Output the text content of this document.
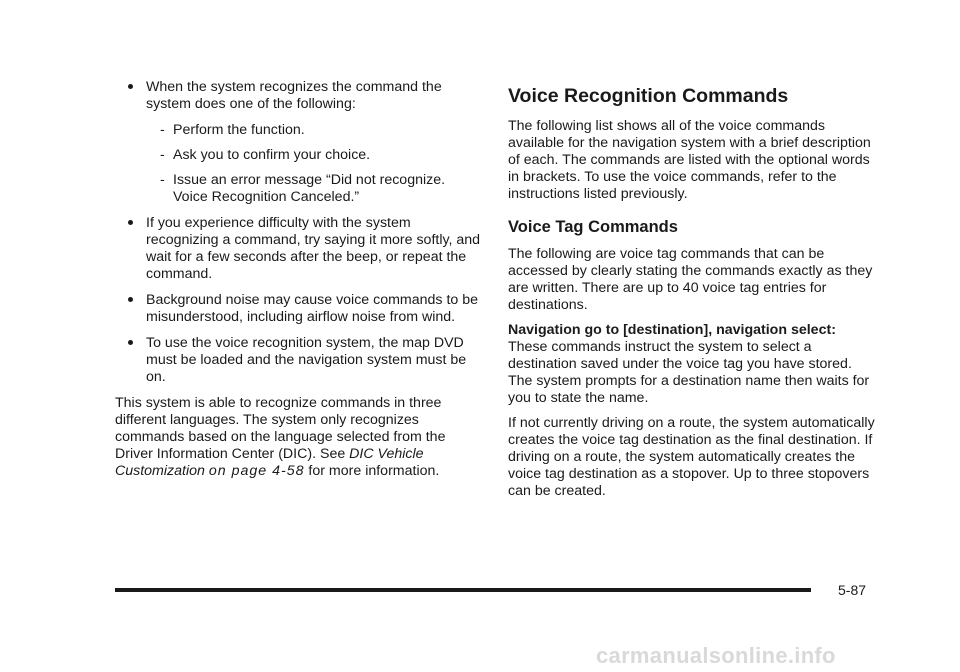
When the system recognizes the command the system does one of the following:
- Perform the function.
- Ask you to confirm your choice.
- Issue an error message “Did not recognize. Voice Recognition Canceled.”
If you experience difficulty with the system recognizing a command, try saying it more softly, and wait for a few seconds after the beep, or repeat the command.
Background noise may cause voice commands to be misunderstood, including airflow noise from wind.
To use the voice recognition system, the map DVD must be loaded and the navigation system must be on.

This system is able to recognize commands in three different languages. The system only recognizes commands based on the language selected from the Driver Information Center (DIC). See DIC Vehicle Customization on page 4-58 for more information.

Voice Recognition Commands

The following list shows all of the voice commands available for the navigation system with a brief description of each. The commands are listed with the optional words in brackets. To use the voice commands, refer to the instructions listed previously.

Voice Tag Commands

The following are voice tag commands that can be accessed by clearly stating the commands exactly as they are written. There are up to 40 voice tag entries for destinations.

Navigation go to [destination], navigation select: These commands instruct the system to select a destination saved under the voice tag you have stored. The system prompts for a destination name then waits for you to state the name.

If not currently driving on a route, the system automatically creates the voice tag destination as the final destination. If driving on a route, the system automatically creates the voice tag destination as a stopover. Up to three stopovers can be created.

5-87
carmanualsonline.info
